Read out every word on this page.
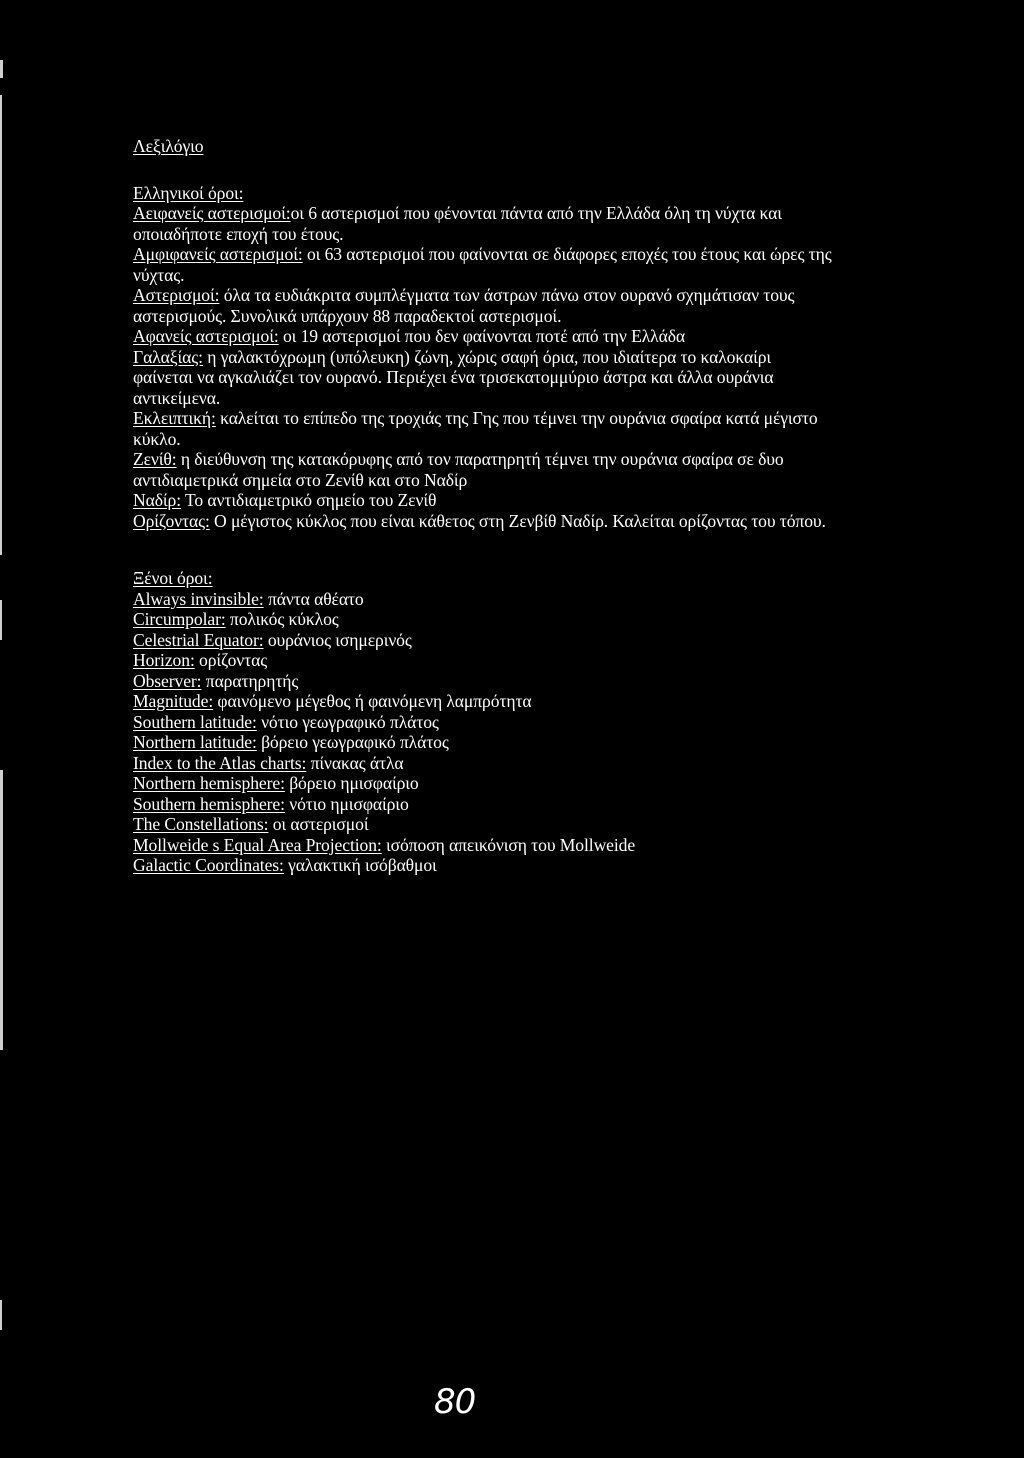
Λεξιλόγιο

Ελληνικοί όροι:

Αειφανείς αστερισμοί:οι 6 αστερισμοί που φένονται πάντα από την Ελλάδα όλη τη νύχτα και οποιαδήποτε εποχή του έτους.

Αμφιφανείς αστερισμοί: οι 63 αστερισμοί που φαίνονται σε διάφορες εποχές του έτους και ώρες της νύχτας.

Αστερισμοί: όλα τα ευδιάκριτα συμπλέγματα των άστρων πάνω στον ουρανό σχημάτισαν τους αστερισμούς. Συνολικά υπάρχουν 88 παραδεκτοί αστερισμοί.

Αφανείς αστερισμοί: οι 19 αστερισμοί που δεν φαίνονται ποτέ από την Ελλάδα

Γαλαξίας: η γαλακτόχρωμη (υπόλευκη) ζώνη, χώρις σαφή όρια, που ιδιαίτερα το καλοκαίρι φαίνεται να αγκαλιάζει τον ουρανό. Περιέχει ένα τρισεκατομμύριο άστρα και άλλα ουράνια αντικείμενα.

Εκλειπτική: καλείται το επίπεδο της τροχιάς της Γης που τέμνει την ουράνια σφαίρα κατά μέγιστο κύκλο.

Ζενίθ: η διεύθυνση της κατακόρυφης από τον παρατηρητή τέμνει την ουράνια σφαίρα σε δυο αντιδιαμετρικά σημεία στο Ζενίθ και στο Ναδίρ

Ναδίρ: Το αντιδιαμετρικό σημείο του Ζενίθ

Ορίζοντας: Ο μέγιστος κύκλος που είναι κάθετος στη Ζενβίθ Ναδίρ. Καλείται ορίζοντας του τόπου.

Ξένοι όροι:

Always invinsible: πάντα αθέατο

Circumpolar: πολικός κύκλος

Celestrial Equator: ουράνιος ισημερινός

Horizon: ορίζοντας

Observer: παρατηρητής

Magnitude: φαινόμενο μέγεθος ή φαινόμενη λαμπρότητα

Southern latitude: νότιο γεωγραφικό πλάτος

Northern latitude: βόρειο γεωγραφικό πλάτος

Index to the Atlas charts: πίνακας άτλα

Northern hemisphere: βόρειο ημισφαίριο

Southern hemisphere: νότιο ημισφαίριο

The Constellations: οι αστερισμοί

Mollweide s Equal Area Projection: ισόποση απεικόνιση του Mollweide

Galactic Coordinates: γαλακτική ισόβαθμοι

80
